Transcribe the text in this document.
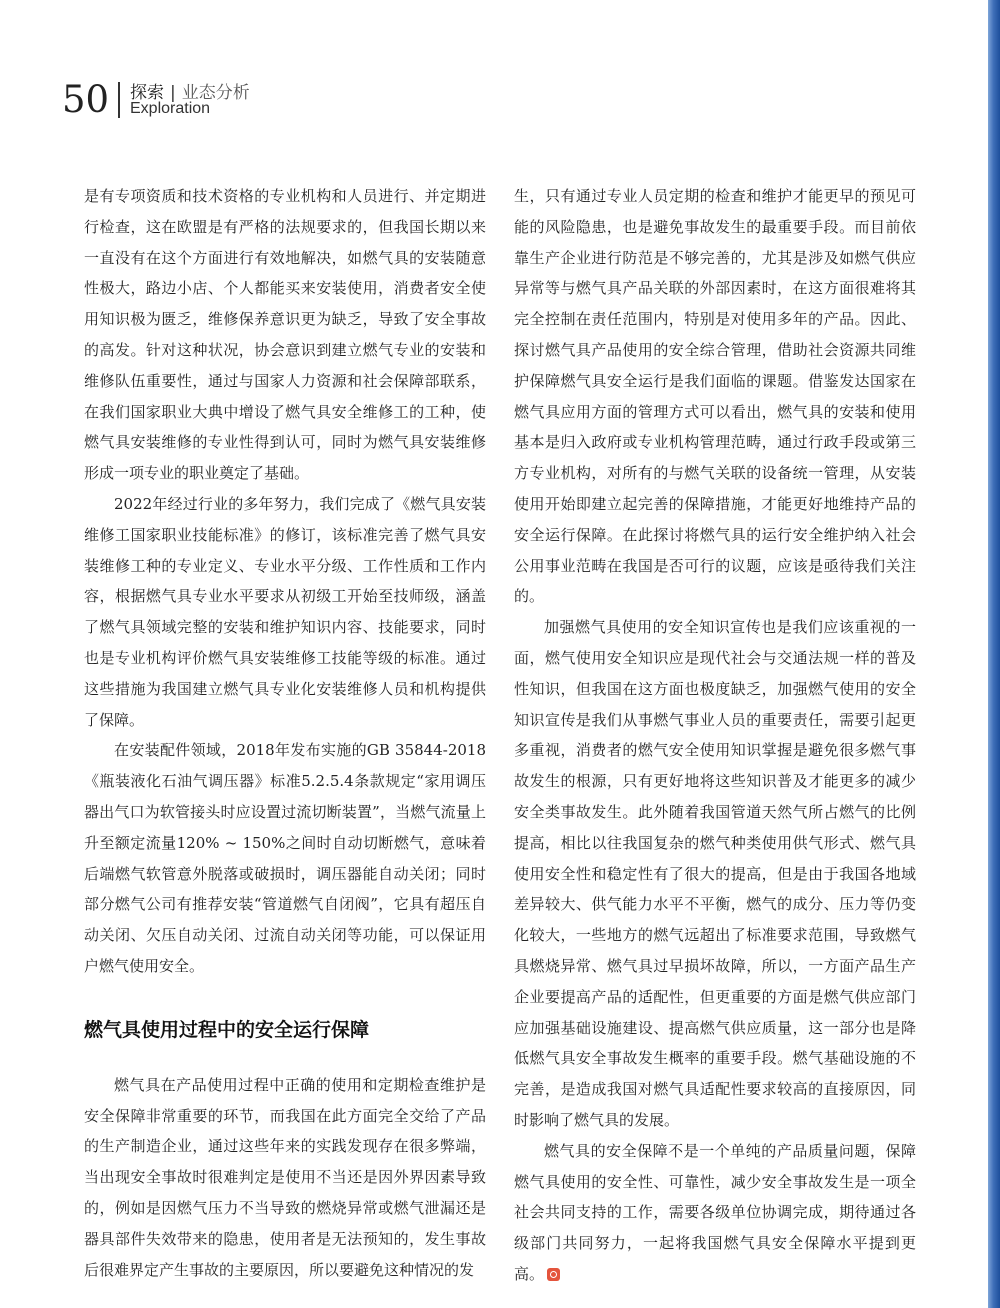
50 探索 | 业态分析
Exploration

是有专项资质和技术资格的专业机构和人员进行、并定期进行检查，这在欧盟是有严格的法规要求的，但我国长期以来一直没有在这个方面进行有效地解决，如燃气具的安装随意性极大，路边小店、个人都能买来安装使用，消费者安全使用知识极为匮乏，维修保养意识更为缺乏，导致了安全事故的高发。针对这种状况，协会意识到建立燃气专业的安装和维修队伍重要性，通过与国家人力资源和社会保障部联系，在我们国家职业大典中增设了燃气具安全维修工的工种，使燃气具安装维修的专业性得到认可，同时为燃气具安装维修形成一项专业的职业奠定了基础。

2022年经过行业的多年努力，我们完成了《燃气具安装维修工国家职业技能标准》的修订，该标准完善了燃气具安装维修工种的专业定义、专业水平分级、工作性质和工作内容，根据燃气具专业水平要求从初级工开始至技师级，涵盖了燃气具领域完整的安装和维护知识内容、技能要求，同时也是专业机构评价燃气具安装维修工技能等级的标准。通过这些措施为我国建立燃气具专业化安装维修人员和机构提供了保障。

在安装配件领域，2018年发布实施的GB 35844-2018《瓶装液化石油气调压器》标准5.2.5.4条款规定“家用调压器出气口为软管接头时应设置过流切断装置”，当燃气流量上升至额定流量120% ~ 150%之间时自动切断燃气，意味着后端燃气软管意外脱落或破损时，调压器能自动关闭；同时部分燃气公司有推荐安装“管道燃气自闭阀”，它具有超压自动关闭、欠压自动关闭、过流自动关闭等功能，可以保证用户燃气使用安全。

燃气具使用过程中的安全运行保障

燃气具在产品使用过程中正确的使用和定期检查维护是安全保障非常重要的环节，而我国在此方面完全交给了产品的生产制造企业，通过这些年来的实践发现存在很多弊端，当出现安全事故时很难判定是使用不当还是因外界因素导致的，例如是因燃气压力不当导致的燃烧异常或燃气泄漏还是器具部件失效带来的隐患，使用者是无法预知的，发生事故后很难界定产生事故的主要原因，所以要避免这种情况的发

生，只有通过专业人员定期的检查和维护才能更早的预见可能的风险隐患，也是避免事故发生的最重要手段。而目前依靠生产企业进行防范是不够完善的，尤其是涉及如燃气供应异常等与燃气具产品关联的外部因素时，在这方面很难将其完全控制在责任范围内，特别是对使用多年的产品。因此、探讨燃气具产品使用的安全综合管理，借助社会资源共同维护保障燃气具安全运行是我们面临的课题。借鉴发达国家在燃气具应用方面的管理方式可以看出，燃气具的安装和使用基本是归入政府或专业机构管理范畴，通过行政手段或第三方专业机构，对所有的与燃气关联的设备统一管理，从安装使用开始即建立起完善的保障措施，才能更好地维持产品的安全运行保障。在此探讨将燃气具的运行安全维护纳入社会公用事业范畴在我国是否可行的议题，应该是亟待我们关注的。

加强燃气具使用的安全知识宣传也是我们应该重视的一面，燃气使用安全知识应是现代社会与交通法规一样的普及性知识，但我国在这方面也极度缺乏，加强燃气使用的安全知识宣传是我们从事燃气事业人员的重要责任，需要引起更多重视，消费者的燃气安全使用知识掌握是避免很多燃气事故发生的根源，只有更好地将这些知识普及才能更多的减少安全类事故发生。此外随着我国管道天然气所占燃气的比例提高，相比以往我国复杂的燃气种类使用供气形式、燃气具使用安全性和稳定性有了很大的提高，但是由于我国各地域差异较大、供气能力水平不平衡，燃气的成分、压力等仍变化较大，一些地方的燃气远超出了标准要求范围，导致燃气具燃烧异常、燃气具过早损坏故障，所以，一方面产品生产企业要提高产品的适配性，但更重要的方面是燃气供应部门应加强基础设施建设、提高燃气供应质量，这一部分也是降低燃气具安全事故发生概率的重要手段。燃气基础设施的不完善，是造成我国对燃气具适配性要求较高的直接原因，同时影响了燃气具的发展。

燃气具的安全保障不是一个单纯的产品质量问题，保障燃气具使用的安全性、可靠性，减少安全事故发生是一项全社会共同支持的工作，需要各级单位协调完成，期待通过各级部门共同努力，一起将我国燃气具安全保障水平提到更高。
